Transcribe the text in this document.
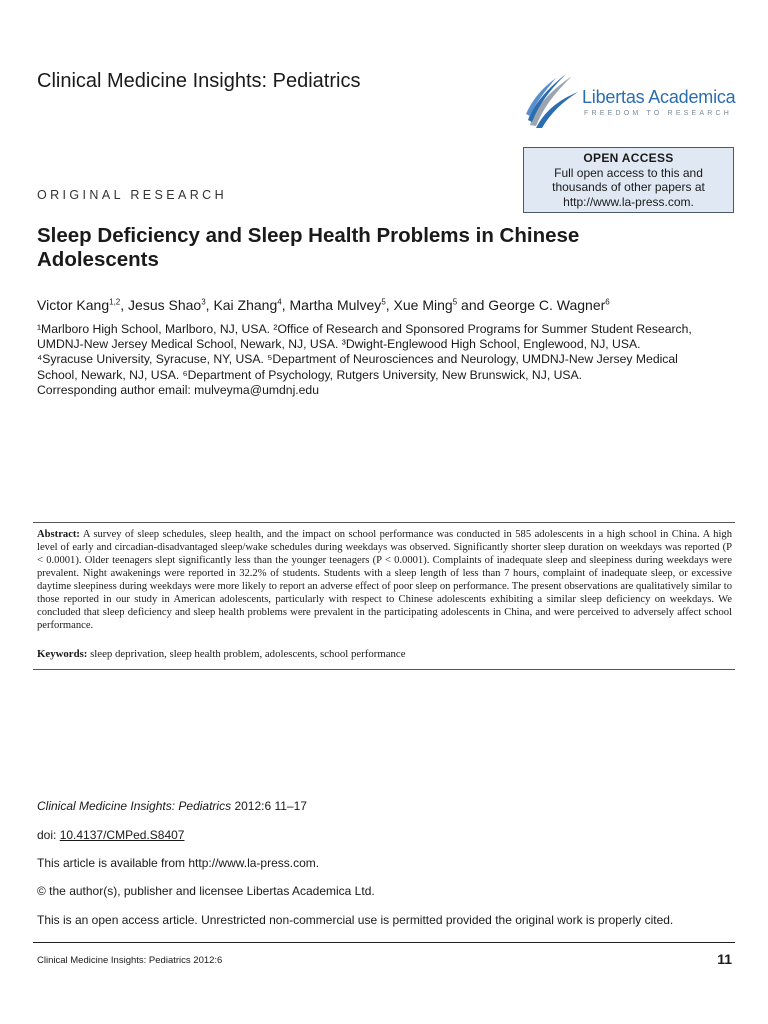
Clinical Medicine Insights: Pediatrics
Libertas Academica
FREEDOM TO RESEARCH
OPEN ACCESS
Full open access to this and
thousands of other papers at
http://www.la-press.com.
ORIGINAL RESEARCH
Sleep Deficiency and Sleep Health Problems in Chinese Adolescents
Victor Kang$^{1,2}$, Jesus Shao$^3$, Kai Zhang$^4$, Martha Mulvey$^5$, Xue Ming$^5$ and George C. Wagner$^6$
¹Marlboro High School, Marlboro, NJ, USA. ²Office of Research and Sponsored Programs for Summer Student Research,
UMDNJ-New Jersey Medical School, Newark, NJ, USA. ³Dwight-Englewood High School, Englewood, NJ, USA.
⁴Syracuse University, Syracuse, NY, USA. ⁵Department of Neurosciences and Neurology, UMDNJ-New Jersey Medical
School, Newark, NJ, USA. ⁶Department of Psychology, Rutgers University, New Brunswick, NJ, USA.
Corresponding author email: mulveyma@umdnj.edu
Abstract: A survey of sleep schedules, sleep health, and the impact on school performance was conducted in 585 adolescents in a high school in China. A high level of early and circadian-disadvantaged sleep/wake schedules during weekdays was observed. Significantly shorter sleep duration on weekdays was reported (P < 0.0001). Older teenagers slept significantly less than the younger teenagers (P < 0.0001). Complaints of inadequate sleep and sleepiness during weekdays were prevalent. Night awakenings were reported in 32.2% of students. Students with a sleep length of less than 7 hours, complaint of inadequate sleep, or excessive daytime sleepiness during weekdays were more likely to report an adverse effect of poor sleep on performance. The present observations are qualitatively similar to those reported in our study in American adolescents, particularly with respect to Chinese adolescents exhibiting a similar sleep deficiency on weekdays. We concluded that sleep deficiency and sleep health problems were prevalent in the participating adolescents in China, and were perceived to adversely affect school performance.
Keywords: sleep deprivation, sleep health problem, adolescents, school performance
Clinical Medicine Insights: Pediatrics 2012:6 11–17
doi: 10.4137/CMPed.S8407
This article is available from http://www.la-press.com.
© the author(s), publisher and licensee Libertas Academica Ltd.
This is an open access article. Unrestricted non-commercial use is permitted provided the original work is properly cited.
Clinical Medicine Insights: Pediatrics 2012:6	11
